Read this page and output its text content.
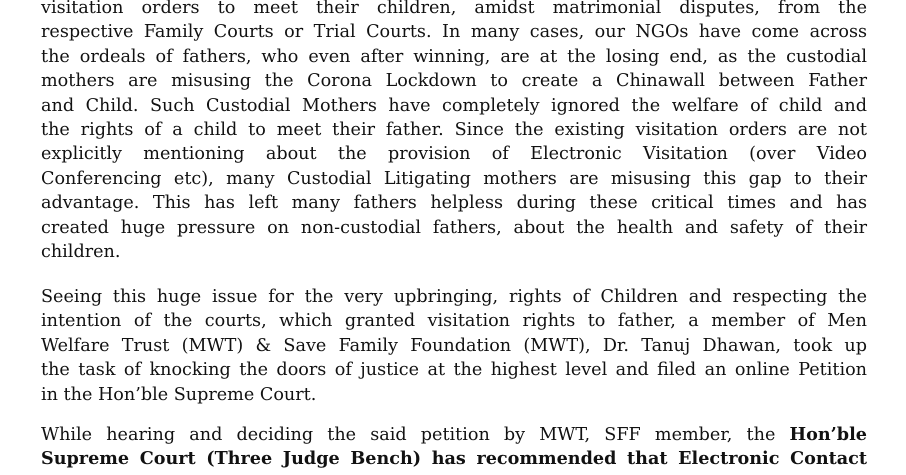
visitation orders to meet their children, amidst matrimonial disputes, from the
respective Family Courts or Trial Courts. In many cases, our NGOs have come across
the ordeals of fathers, who even after winning, are at the losing end, as the custodial
mothers are misusing the Corona Lockdown to create a Chinawall between Father
and Child. Such Custodial Mothers have completely ignored the welfare of child and
the rights of a child to meet their father. Since the existing visitation orders are not
explicitly mentioning about the provision of Electronic Visitation (over Video
Conferencing etc), many Custodial Litigating mothers are misusing this gap to their
advantage. This has left many fathers helpless during these critical times and has
created huge pressure on non-custodial fathers, about the health and safety of their
children.
Seeing this huge issue for the very upbringing, rights of Children and respecting the
intention of the courts, which granted visitation rights to father, a member of Men
Welfare Trust (MWT) & Save Family Foundation (MWT), Dr. Tanuj Dhawan, took up
the task of knocking the doors of justice at the highest level and filed an online Petition
in the Hon’ble Supreme Court.
While hearing and deciding the said petition by MWT, SFF member, the Hon’ble
Supreme Court (Three Judge Bench) has recommended that Electronic Contact
